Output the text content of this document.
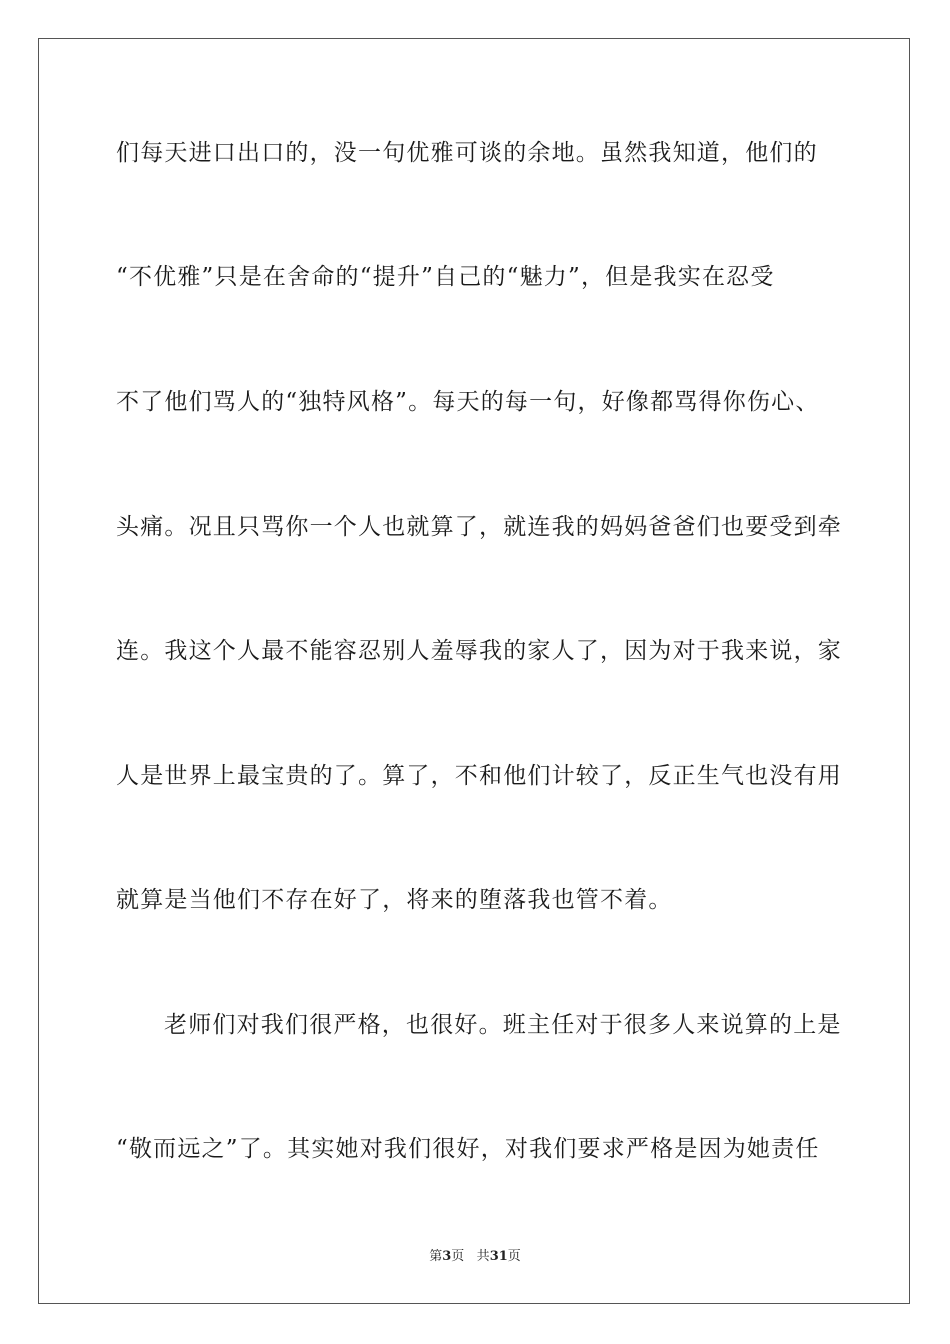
们每天进口出口的，没一句优雅可谈的余地。虽然我知道，他们的
“不优雅”只是在舍命的“提升”自己的“魅力”，但是我实在忍受
不了他们骂人的“独特风格”。每天的每一句，好像都骂得你伤心、
头痛。况且只骂你一个人也就算了，就连我的妈妈爸爸们也要受到牵
连。我这个人最不能容忍别人羞辱我的家人了，因为对于我来说，家
人是世界上最宝贵的了。算了，不和他们计较了，反正生气也没有用
就算是当他们不存在好了，将来的堕落我也管不着。
老师们对我们很严格，也很好。班主任对于很多人来说算的上是
“敬而远之”了。其实她对我们很好，对我们要求严格是因为她责任
第3页 共31页
